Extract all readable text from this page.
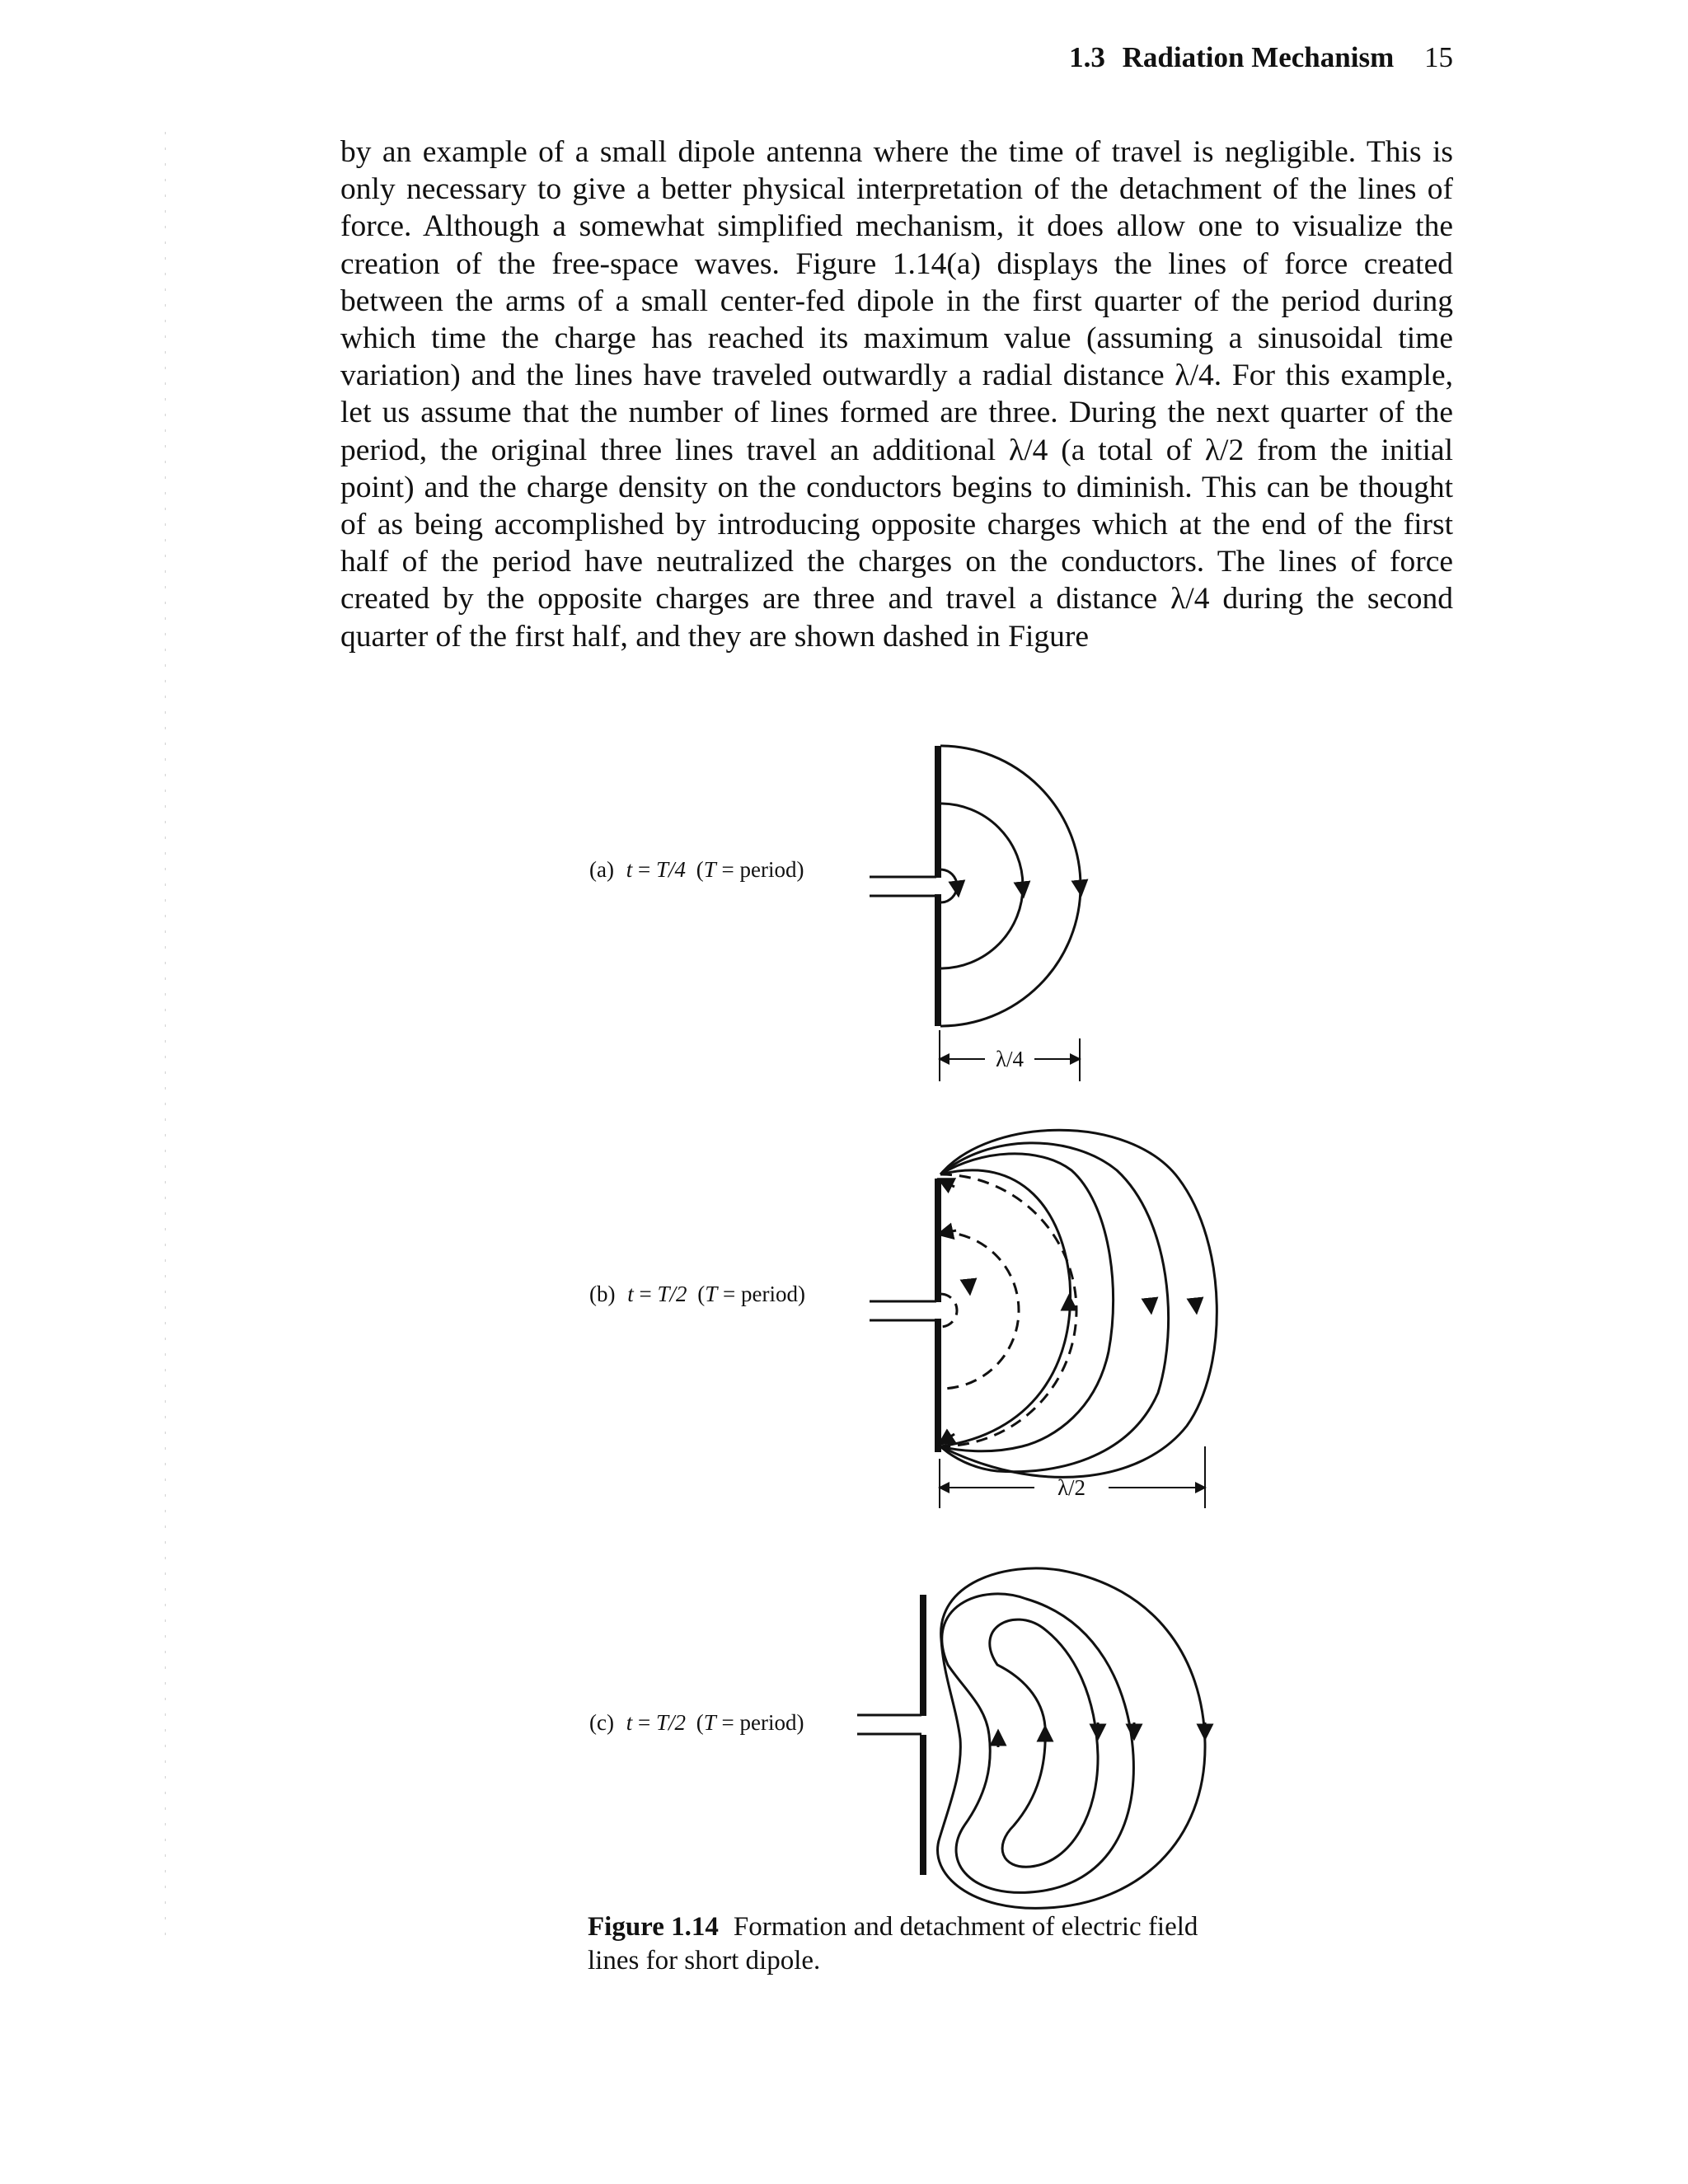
1.3 Radiation Mechanism 15

by an example of a small dipole antenna where the time of travel is negligible. This is only necessary to give a better physical interpretation of the detachment of the lines of force. Although a somewhat simplified mechanism, it does allow one to visualize the creation of the free-space waves. Figure 1.14(a) displays the lines of force created between the arms of a small center-fed dipole in the first quarter of the period during which time the charge has reached its maximum value (assuming a sinusoidal time variation) and the lines have traveled outwardly a radial distance λ/4. For this example, let us assume that the number of lines formed are three. During the next quarter of the period, the original three lines travel an additional λ/4 (a total of λ/2 from the initial point) and the charge density on the conductors begins to diminish. This can be thought of as being accomplished by introducing opposite charges which at the end of the first half of the period have neutralized the charges on the conductors. The lines of force created by the opposite charges are three and travel a distance λ/4 during the second quarter of the first half, and they are shown dashed in Figure

(a) t = T/4 (T = period)
(b) t = T/2 (T = period)
(c) t = T/2 (T = period)
λ/4
λ/2

Figure 1.14 Formation and detachment of electric field lines for short dipole.
